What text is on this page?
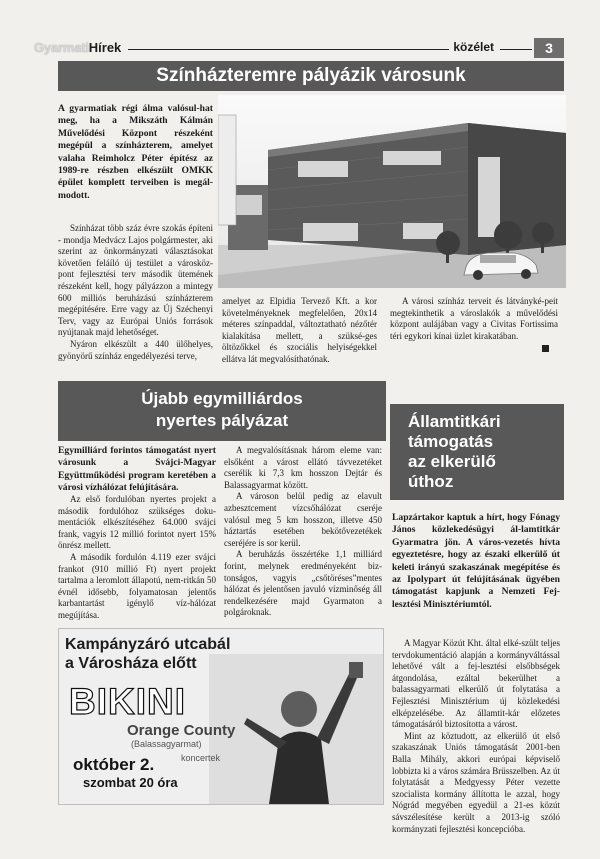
GyarmatiHírek	közélet	3
Színházteremre pályázik városunk

A gyarmatiak régi álma valósul-hat meg, ha a Mikszáth Kálmán Művelődési Központ részeként megépül a színházterem, amelyet valaha Reimholcz Péter építész az 1989-re részben elkészült OMKK épület komplett terveiben is megál-modott.

Színházat több száz évre szokás építeni - mondja Medvácz Lajos polgármester, aki szerint az önkormányzati választásokat követően feláíló új testület a városköz-pont fejlesztési terv második ütemének részeként kell, hogy pályázzon a mintegy 600 milliós beruházású színházterem megépítésére. Erre vagy az Új Széchenyi Terv, vagy az Európai Uniós források nyújtanak majd lehetőséget.

Nyáron elkészült a 440 ülőhelyes, gyönyörű színház engedélyezési terve,

amelyet az Elpidia Tervező Kft. a kor követelményeknek megfelelően, 20x14 méteres színpaddal, változtatható nézőtér kialakítása mellett, a szüksé-ges öltözőkkel és szociális helyiségekkel ellátva lát megvalósíthatónak.

A városi színház terveit és látványké-peit megtekinthetik a városlakók a művelődési központ aulájában vagy a Civitas Fortissima téri egykori kínai üzlet kirakatában.

Újabb egymilliárdos
nyertes pályázat

Egymilliárd forintos támogatást nyert városunk a Svájci-Magyar Együttműködési program keretében a városi vízhálózat felújítására.

Az első fordulóban nyertes projekt a második fordulóhoz szükséges doku-mentációk elkészítéséhez 64.000 svájci frank, vagyis 12 millió forintot nyert 15% önrész mellett.

A második fordulón 4.119 ezer svájci frankot (910 millió Ft) nyert projekt tartalma a leromlott állapotú, nem-ritkán 50 évnél idősebb, folyamatosan jelentős karbantartást igénylő víz-hálózat megújítása.

A megvalósításnak három eleme van: elsőként a várost ellátó távvezetéket cserélik ki 7,3 km hosszon Dejtár és Balassagyarmat között.

A városon belül pedig az elavult azbesztcement vízcsőhálózat cseréje valósul meg 5 km hosszon, illetve 450 háztartás esetében bekötővezetékek cseréjére is sor kerül.

A beruházás összértéke 1,1 milliárd forint, melynek eredményeként biz-tonságos, vagyis „csőtöréses”mentes hálózat és jelentősen javuló vízminőség áll rendelkezésére majd Gyarmaton a polgároknak.

Államtitkári
támogatás
az elkerülő
úthoz

Lapzártakor kaptuk a hírt, hogy Fónagy János közlekedésügyi ál-lamtitkár Gyarmatra jön. A város-vezetés hívta egyeztetésre, hogy az északi elkerülő út keleti irányú szakaszának megépítése és az Ipolypart út felújításának ügyében támogatást kapjunk a Nemzeti Fej-lesztési Minisztériumtól.

A Magyar Közút Kht. által elké-szült teljes tervdokumentáció alapján a kormányváltással lehetővé vált a fej-lesztési elsőbbségek átgondolása, ezáltal bekerülhet a balassagyarmati elkerülő út folytatása a Fejlesztési Minisztérium új közlekedési elképzelésébe. Az államtit-kár előzetes támogatásáról biztosította a várost.

Mint az köztudott, az elkerülő út első szakaszának Uniós támogatását 2001-ben Balla Mihály, akkori európai képviselő lobbizta ki a város számára Brüsszelben. Az út folytatását a Medgyessy Péter vezette szocialista kormány állította le azzal, hogy Nógrád megyében egyedül a 21-es közút sávszélesítése került a 2013-ig szóló kormányzati fejlesztési koncepcióba.

Kampányzáró utcabál
a Városháza előtt
BIKINI
Orange County
(Balassagyarmat)
koncertek
október 2.
szombat 20 óra
